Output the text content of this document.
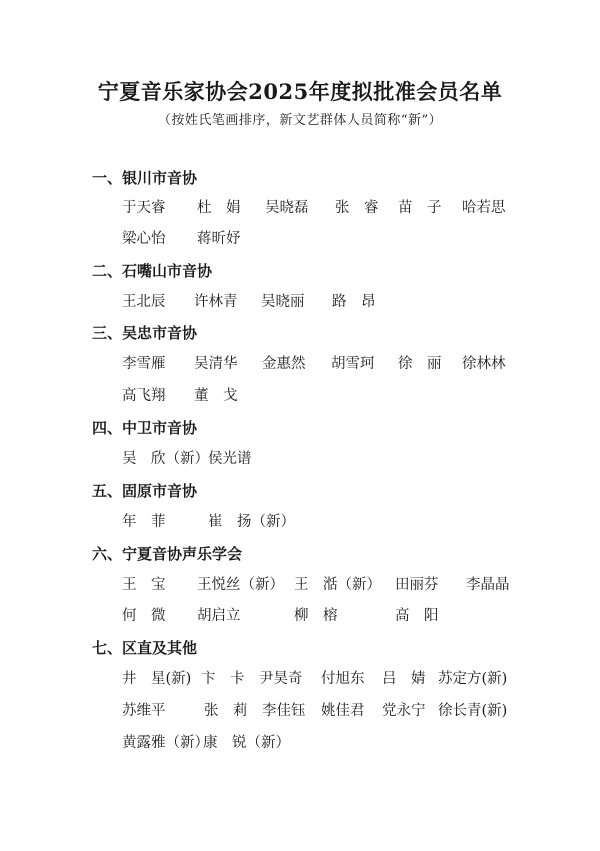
宁夏音乐家协会2025年度拟批准会员名单
（按姓氏笔画排序，新文艺群体人员简称“新”）
一、银川市音协
于天睿 杜　娟 吴晓磊 张　睿 苗　子 哈若思
梁心怡 蒋昕妤
二、石嘴山市音协
王北辰 许林青 吴晓丽 路　昂
三、吴忠市音协
李雪雁 吴清华 金惠然 胡雪珂 徐　丽 徐林林
高飞翔 董　戈
四、中卫市音协
吴　欣（新） 侯光谱
五、固原市音协
年　菲	崔　扬（新）
六、宁夏音协声乐学会
王　宝 王悦丝（新） 王　湉（新） 田丽芬 李晶晶
何　微 胡启立	柳　榕	高　阳
七、区直及其他
井　星(新) 卞　卡 尹昊奇 付旭东 吕　婧 苏定方(新)
苏维平	张　莉 李佳钰 姚佳君 党永宁 徐长青(新)
黄露雅（新）
康　锐（新）
